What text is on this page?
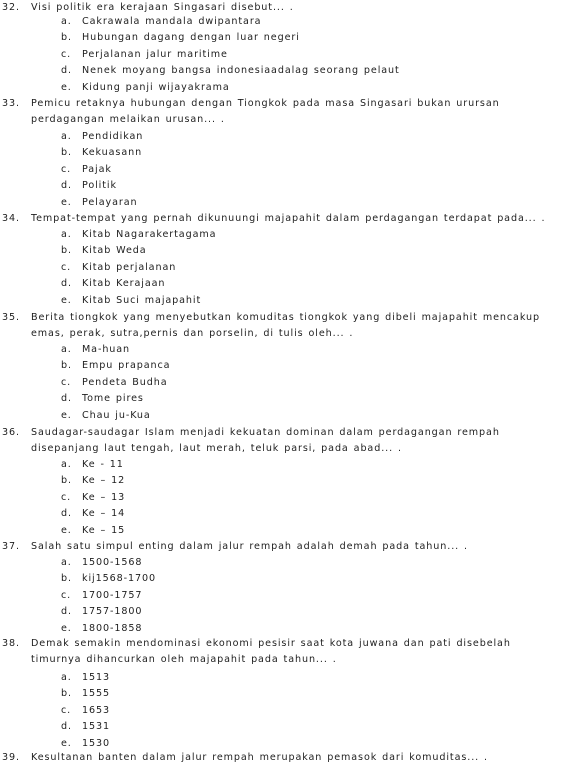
32. Visi politik era kerajaan Singasari disebut... .
a. Cakrawala mandala dwipantara
b. Hubungan dagang dengan luar negeri
c. Perjalanan jalur maritime
d. Nenek moyang bangsa indonesiaadalag seorang pelaut
e. Kidung panji wijayakrama
33. Pemicu retaknya hubungan dengan Tiongkok pada masa Singasari bukan urursan perdagangan melaikan urusan... .
a. Pendidikan
b. Kekuasann
c. Pajak
d. Politik
e. Pelayaran
34. Tempat-tempat yang pernah dikunuungi majapahit dalam perdagangan terdapat pada... .
a. Kitab Nagarakertagama
b. Kitab Weda
c. Kitab perjalanan
d. Kitab Kerajaan
e. Kitab Suci majapahit
35. Berita tiongkok yang menyebutkan komuditas tiongkok yang dibeli majapahit mencakup emas, perak, sutra,pernis dan porselin, di tulis oleh... .
a. Ma-huan
b. Empu prapanca
c. Pendeta Budha
d. Tome pires
e. Chau ju-Kua
36. Saudagar-saudagar Islam menjadi kekuatan dominan dalam perdagangan rempah disepanjang laut tengah, laut merah, teluk parsi, pada abad... .
a. Ke - 11
b. Ke – 12
c. Ke – 13
d. Ke – 14
e. Ke – 15
37. Salah satu simpul enting dalam jalur rempah adalah demah pada tahun... .
a. 1500-1568
b. kij1568-1700
c. 1700-1757
d. 1757-1800
e. 1800-1858
38. Demak semakin mendominasi ekonomi pesisir saat kota juwana dan pati disebelah timurnya dihancurkan oleh majapahit pada tahun... .
a. 1513
b. 1555
c. 1653
d. 1531
e. 1530
39. Kesultanan banten dalam jalur rempah merupakan pemasok dari komuditas... .
